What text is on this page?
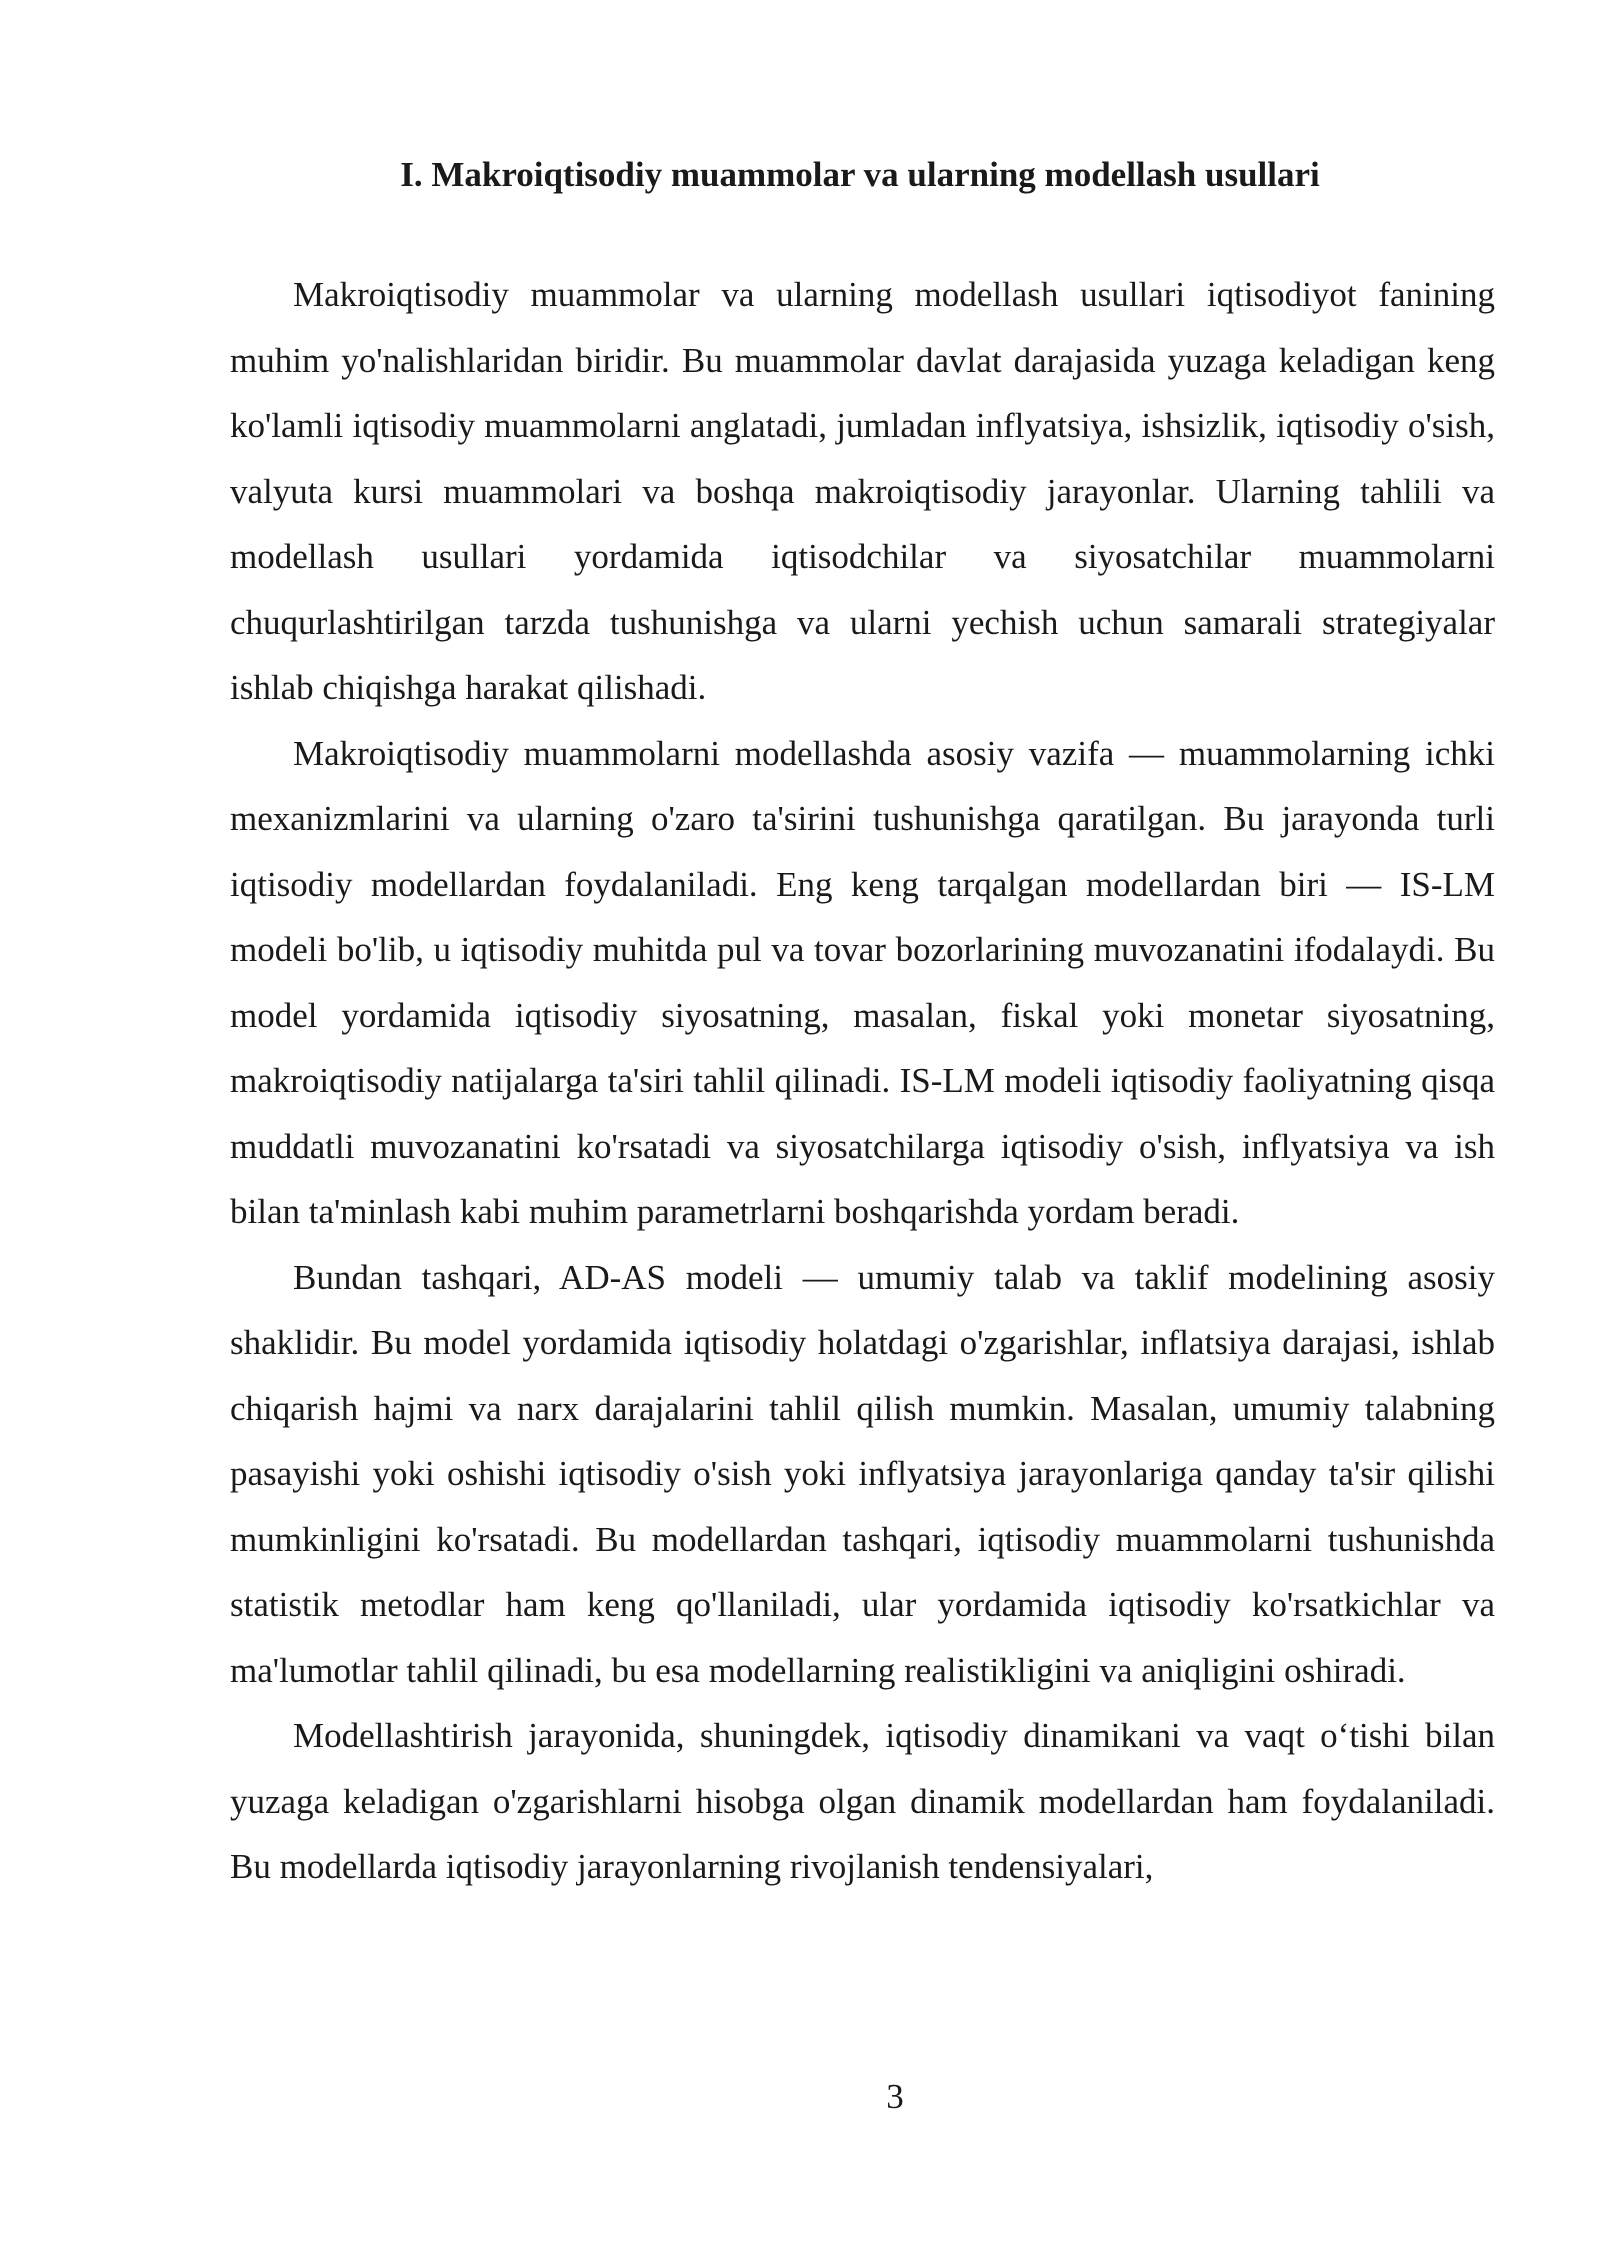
I. Makroiqtisodiy muammolar va ularning modellash usullari

Makroiqtisodiy muammolar va ularning modellash usullari iqtisodiyot fanining muhim yo'nalishlaridan biridir. Bu muammolar davlat darajasida yuzaga keladigan keng ko'lamli iqtisodiy muammolarni anglatadi, jumladan inflyatsiya, ishsizlik, iqtisodiy o'sish, valyuta kursi muammolari va boshqa makroiqtisodiy jarayonlar. Ularning tahlili va modellash usullari yordamida iqtisodchilar va siyosatchilar muammolarni chuqurlashtirilgan tarzda tushunishga va ularni yechish uchun samarali strategiyalar ishlab chiqishga harakat qilishadi.

Makroiqtisodiy muammolarni modellashda asosiy vazifa — muammolarning ichki mexanizmlarini va ularning o'zaro ta'sirini tushunishga qaratilgan. Bu jarayonda turli iqtisodiy modellardan foydalaniladi. Eng keng tarqalgan modellardan biri — IS-LM modeli bo'lib, u iqtisodiy muhitda pul va tovar bozorlarining muvozanatini ifodalaydi. Bu model yordamida iqtisodiy siyosatning, masalan, fiskal yoki monetar siyosatning, makroiqtisodiy natijalarga ta'siri tahlil qilinadi. IS-LM modeli iqtisodiy faoliyatning qisqa muddatli muvozanatini ko'rsatadi va siyosatchilarga iqtisodiy o'sish, inflyatsiya va ish bilan ta'minlash kabi muhim parametrlarni boshqarishda yordam beradi.

Bundan tashqari, AD-AS modeli — umumiy talab va taklif modelining asosiy shaklidir. Bu model yordamida iqtisodiy holatdagi o'zgarishlar, inflatsiya darajasi, ishlab chiqarish hajmi va narx darajalarini tahlil qilish mumkin. Masalan, umumiy talabning pasayishi yoki oshishi iqtisodiy o'sish yoki inflyatsiya jarayonlariga qanday ta'sir qilishi mumkinligini ko'rsatadi. Bu modellardan tashqari, iqtisodiy muammolarni tushunishda statistik metodlar ham keng qo'llaniladi, ular yordamida iqtisodiy ko'rsatkichlar va ma'lumotlar tahlil qilinadi, bu esa modellarning realistikligini va aniqligini oshiradi.

Modellashtirish jarayonida, shuningdek, iqtisodiy dinamikani va vaqt o‘tishi bilan yuzaga keladigan o'zgarishlarni hisobga olgan dinamik modellardan ham foydalaniladi. Bu modellarda iqtisodiy jarayonlarning rivojlanish tendensiyalari,

3
